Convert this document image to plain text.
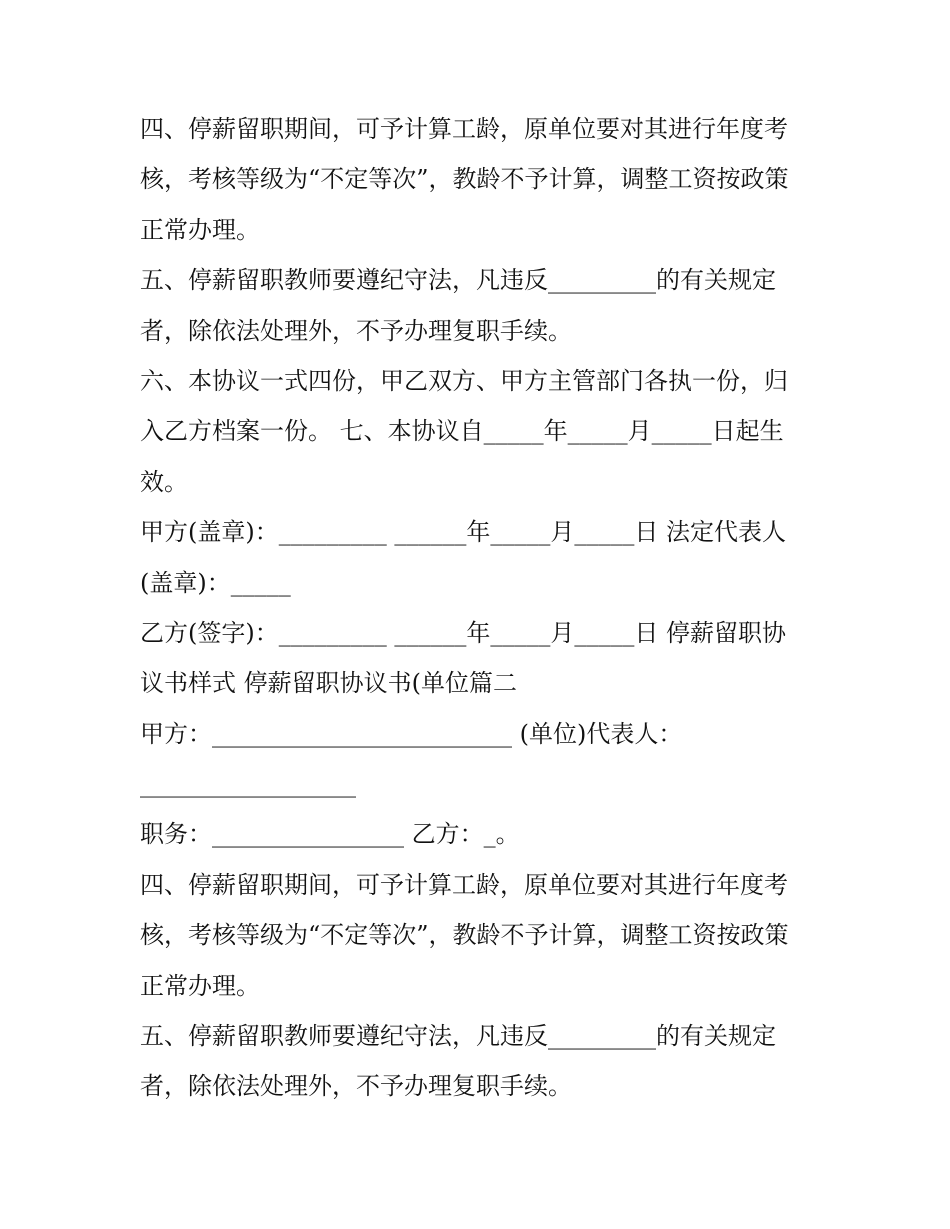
四、停薪留职期间，可予计算工龄，原单位要对其进行年度考
核，考核等级为“不定等次”，教龄不予计算，调整工资按政策
正常办理。
五、停薪留职教师要遵纪守法，凡违反_________的有关规定
者，除依法处理外，不予办理复职手续。
六、本协议一式四份，甲乙双方、甲方主管部门各执一份，归
入乙方档案一份。 七、本协议自_____年_____月_____日起生
效。
甲方(盖章)：_________ ______年_____月_____日 法定代表人
(盖章)：_____
乙方(签字)：_________ ______年_____月_____日 停薪留职协
议书样式 停薪留职协议书(单位篇二
甲方：_________________________ (单位)代表人：
__________________
职务：________________ 乙方：_。
四、停薪留职期间，可予计算工龄，原单位要对其进行年度考
核，考核等级为“不定等次”，教龄不予计算，调整工资按政策
正常办理。
五、停薪留职教师要遵纪守法，凡违反_________的有关规定
者，除依法处理外，不予办理复职手续。
